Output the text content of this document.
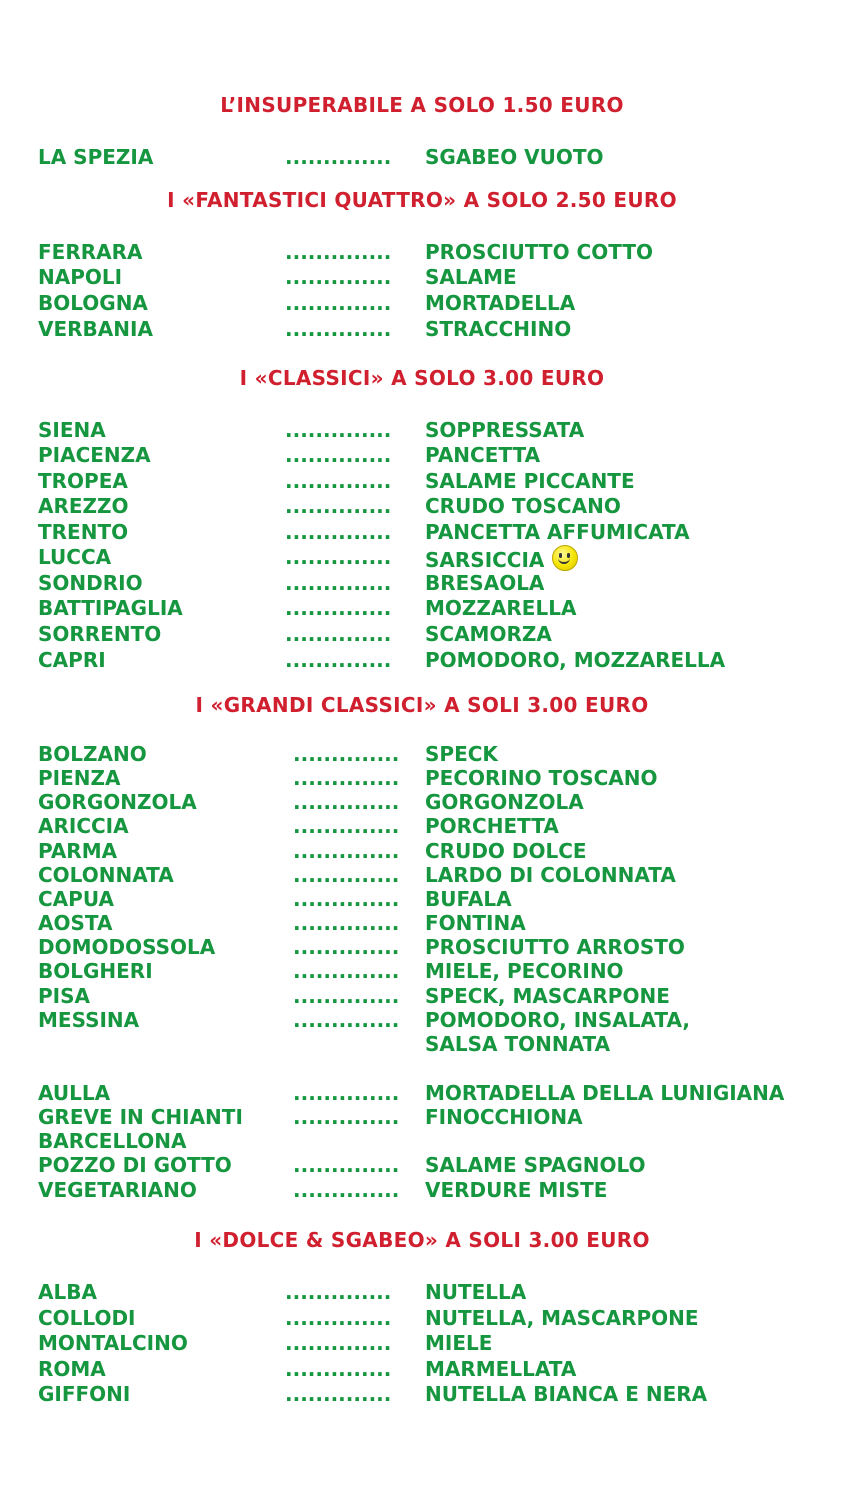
L’INSUPERABILE A SOLO 1.50 EURO
LA SPEZIA	.............. SGABEO VUOTO
I «FANTASTICI QUATTRO» A SOLO 2.50 EURO
FERRARA	.............. PROSCIUTTO COTTO
NAPOLI	.............. SALAME
BOLOGNA	.............. MORTADELLA
VERBANIA	.............. STRACCHINO
I «CLASSICI» A SOLO 3.00 EURO
SIENA	.............. SOPPRESSATA
PIACENZA	.............. PANCETTA
TROPEA	.............. SALAME PICCANTE
AREZZO	.............. CRUDO TOSCANO
TRENTO	.............. PANCETTA AFFUMICATA
LUCCA	.............. SARSICCIA
SONDRIO	.............. BRESAOLA
BATTIPAGLIA	.............. MOZZARELLA
SORRENTO	.............. SCAMORZA
CAPRI	.............. POMODORO, MOZZARELLA
I «GRANDI CLASSICI» A SOLI 3.00 EURO
BOLZANO	.............. SPECK
PIENZA	.............. PECORINO TOSCANO
GORGONZOLA	.............. GORGONZOLA
ARICCIA	.............. PORCHETTA
PARMA	.............. CRUDO DOLCE
COLONNATA	.............. LARDO DI COLONNATA
CAPUA	.............. BUFALA
AOSTA	.............. FONTINA
DOMODOSSOLA	.............. PROSCIUTTO ARROSTO
BOLGHERI	.............. MIELE, PECORINO
PISA	.............. SPECK, MASCARPONE
MESSINA	.............. POMODORO, INSALATA,
SALSA TONNATA
AULLA	.............. MORTADELLA DELLA LUNIGIANA
GREVE IN CHIANTI	.............. FINOCCHIONA
BARCELLONA
POZZO DI GOTTO	.............. SALAME SPAGNOLO
VEGETARIANO	.............. VERDURE MISTE
I «DOLCE & SGABEO» A SOLI 3.00 EURO
ALBA	.............. NUTELLA
COLLODI	.............. NUTELLA, MASCARPONE
MONTALCINO	.............. MIELE
ROMA	.............. MARMELLATA
GIFFONI	.............. NUTELLA BIANCA E NERA
